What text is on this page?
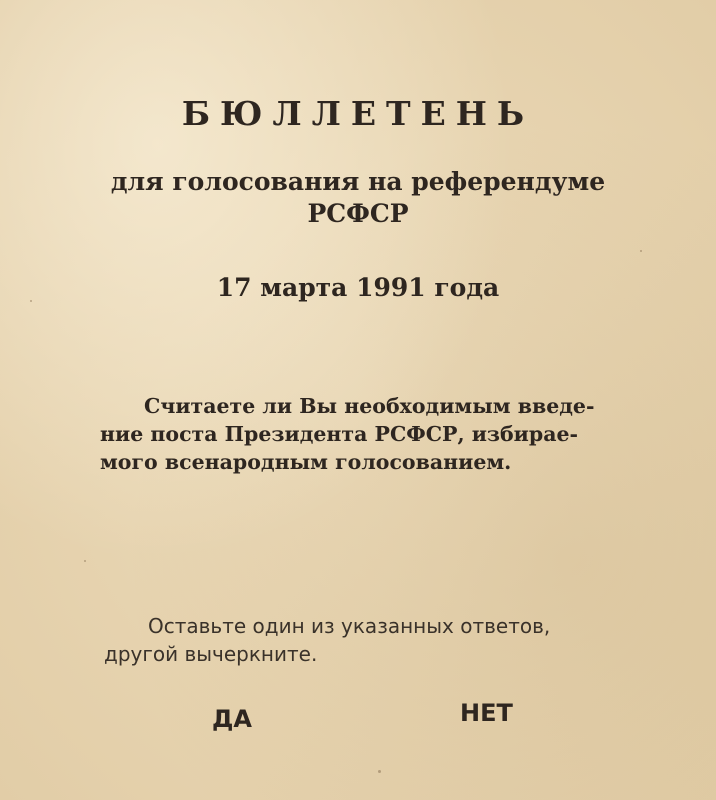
БЮЛЛЕТЕНЬ
для голосования на референдуме
РСФСР
17 марта 1991 года
Считаете ли Вы необходимым введе-
ние поста Президента РСФСР, избирае-
мого всенародным голосованием.
Оставьте один из указанных ответов,
другой вычеркните.
ДА	НЕТ
